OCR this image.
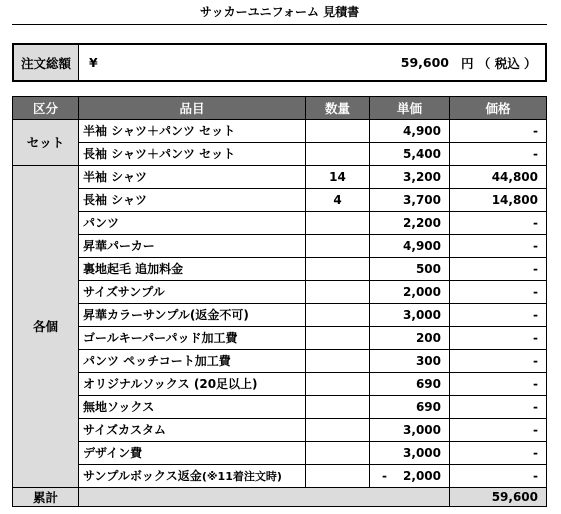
サッカーユニフォーム 見積書
注文総額	¥	59,600 円 （ 税込 ）
区分	品目	数量	単価	価格
セット	半袖 シャツ＋パンツ セット		4,900	-
	長袖 シャツ＋パンツ セット		5,400	-
各個	半袖 シャツ	14	3,200	44,800
	長袖 シャツ	4	3,700	14,800
	パンツ		2,200	-
	昇華パーカー		4,900	-
	裏地起毛 追加料金		500	-
	サイズサンプル		2,000	-
	昇華カラーサンプル(返金不可)		3,000	-
	ゴールキーパーパッド加工費		200	-
	パンツ ペッチコート加工費		300	-
	オリジナルソックス (20足以上)		690	-
	無地ソックス		690	-
	サイズカスタム		3,000	-
	デザイン費		3,000	-
	サンプルボックス返金(※11着注文時)		- 2,000	-
累計				59,600
